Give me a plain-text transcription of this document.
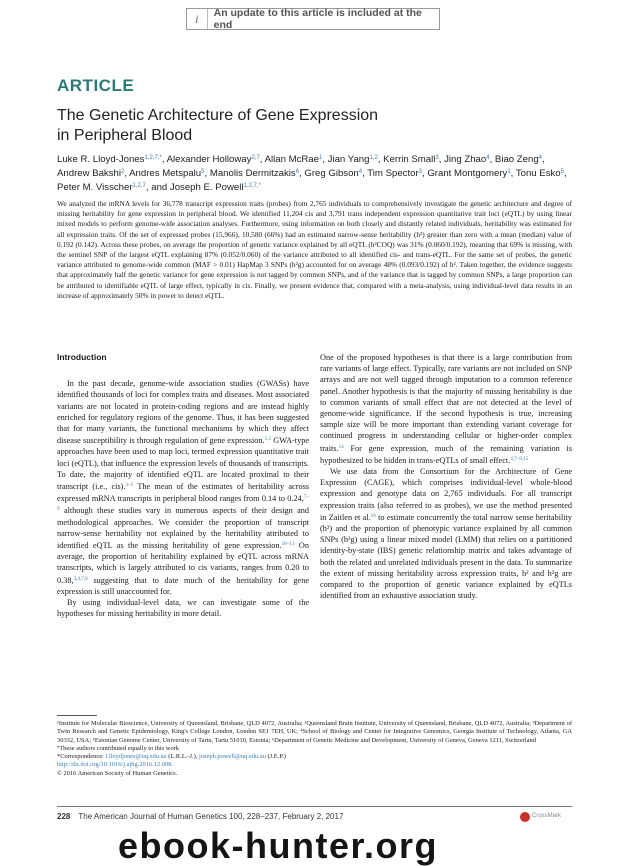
i	An update to this article is included at the end
ARTICLE
The Genetic Architecture of Gene Expression
in Peripheral Blood

Luke R. Lloyd-Jones$^{1,2,7,*}$, Alexander Holloway$^{2,7}$, Allan McRae$^1$, Jian Yang$^{1,2}$, Kerrin Small$^3$, Jing Zhao$^4$, Biao Zeng$^4$, Andrew Bakshi$^2$, Andres Metspalu$^5$, Manolis Dermitzakis$^6$, Greg Gibson$^4$, Tim Spector$^3$, Grant Montgomery$^1$, Tonu Esko$^5$, Peter M. Visscher$^{1,2,7}$, and Joseph E. Powell$^{1,2,7,*}$

We analyzed the mRNA levels for 36,778 transcript expression traits (probes) from 2,765 individuals to comprehensively investigate the genetic architecture and degree of missing heritability for gene expression in peripheral blood. We identified 11,204 cis and 3,791 trans independent expression quantitative trait loci (eQTL) by using linear mixed models to perform genome-wide association analyses. Furthermore, using information on both closely and distantly related individuals, heritability was estimated for all expression traits. Of the set of expressed probes (15,966), 10,580 (66%) had an estimated narrow-sense heritability (h²) greater than zero with a mean (median) value of 0.192 (0.142). Across these probes, on average the proportion of genetic variance explained by all eQTL (h²COQ) was 31% (0.060/0.192), meaning that 69% is missing, with the sentinel SNP of the largest eQTL explaining 87% (0.052/0.060) of the variance attributed to all identified cis- and trans-eQTL. For the same set of probes, the genetic variance attributed to genome-wide common (MAF > 0.01) HapMap 3 SNPs (h²g) accounted for on average 48% (0.093/0.192) of h². Taken together, the evidence suggests that approximately half the genetic variance for gene expression is not tagged by common SNPs, and of the variance that is tagged by common SNPs, a large proportion can be attributed to identifiable eQTL of large effect, typically in cis. Finally, we present evidence that, compared with a meta-analysis, using individual-level data results in an increase of approximately 50% in power to detect eQTL.

Introduction

In the past decade, genome-wide association studies (GWASs) have identified thousands of loci for complex traits and diseases. Most associated variants are not located in protein-coding regions and are instead highly enriched for regulatory regions of the genome. Thus, it has been suggested that for many variants, the functional mechanisms by which they affect disease susceptibility is through regulation of gene expression.$^{1,2}$ GWA-type approaches have been used to map loci, termed expression quantitative trait loci (eQTL), that influence the expression levels of thousands of transcripts. To date, the majority of identified eQTL are located proximal to their transcript (i.e., cis).$^{3-5}$ The mean of the estimates of heritability across expressed mRNA transcripts in peripheral blood ranges from 0.14 to 0.24,$^{7-9}$ although these studies vary in numerous aspects of their design and methodological approaches. We consider the proportion of transcript narrow-sense heritability not explained by the heritability attributed to identified eQTL as the missing heritability of gene expression.$^{10-13}$ On average, the proportion of heritability explained by eQTL across mRNA transcripts, which is largely attributed to cis variants, ranges from 0.20 to 0.38,$^{3,4,7,8}$ suggesting that to date much of the heritability for gene expression is still unaccounted for.

By using individual-level data, we can investigate some of the hypotheses for missing heritability in more detail.

One of the proposed hypotheses is that there is a large contribution from rare variants of large effect. Typically, rare variants are not included on SNP arrays and are not well tagged through imputation to a common reference panel. Another hypothesis is that the majority of missing heritability is due to common variants of small effect that are not detected at the level of genome-wide significance. If the second hypothesis is true, increasing sample size will be more important than extending variant coverage for continued progress in understanding cellular or higher-order complex traits.$^{14}$ For gene expression, much of the remaining variation is hypothesized to be hidden in trans-eQTLs of small effect.$^{4,7-9,15}$

We use data from the Consortium for the Architecture of Gene Expression (CAGE), which comprises individual-level whole-blood expression and genotype data on 2,765 individuals. For all transcript expression traits (also referred to as probes), we use the method presented in Zaitlen et al.$^{16}$ to estimate concurrently the total narrow sense heritability (h²) and the proportion of phenotypic variance explained by all common SNPs (h²g) using a linear mixed model (LMM) that relies on a partitioned identity-by-state (IBS) genetic relationship matrix and takes advantage of both the related and unrelated individuals present in the data. To summarize the extent of missing heritability across expression traits, h² and h²g are compared to the proportion of genetic variance explained by eQTLs identified from an exhaustive association study.

¹Institute for Molecular Bioscience, University of Queensland, Brisbane, QLD 4072, Australia; ²Queensland Brain Institute, University of Queensland, Brisbane, QLD 4072, Australia; ³Department of Twin Research and Genetic Epidemiology, King's College London, London SE1 7EH, UK; ⁴School of Biology and Center for Integrative Genomics, Georgia Institute of Technology, Atlanta, GA 30332, USA; ⁵Estonian Genome Center, University of Tartu, Tartu 51010, Estonia; ⁶Department of Genetic Medicine and Development, University of Geneva, Geneva 1211, Switzerland
⁷These authors contributed equally to this work
*Correspondence: l.lloydjones@uq.edu.au (L.R.L.-J.), joseph.powell@uq.edu.au (J.E.P.)
http://dx.doi.org/10.1016/j.ajhg.2016.12.008.
© 2016 American Society of Human Genetics.
228 The American Journal of Human Genetics 100, 228–237, February 2, 2017	CrossMark
ebook-hunter.org
